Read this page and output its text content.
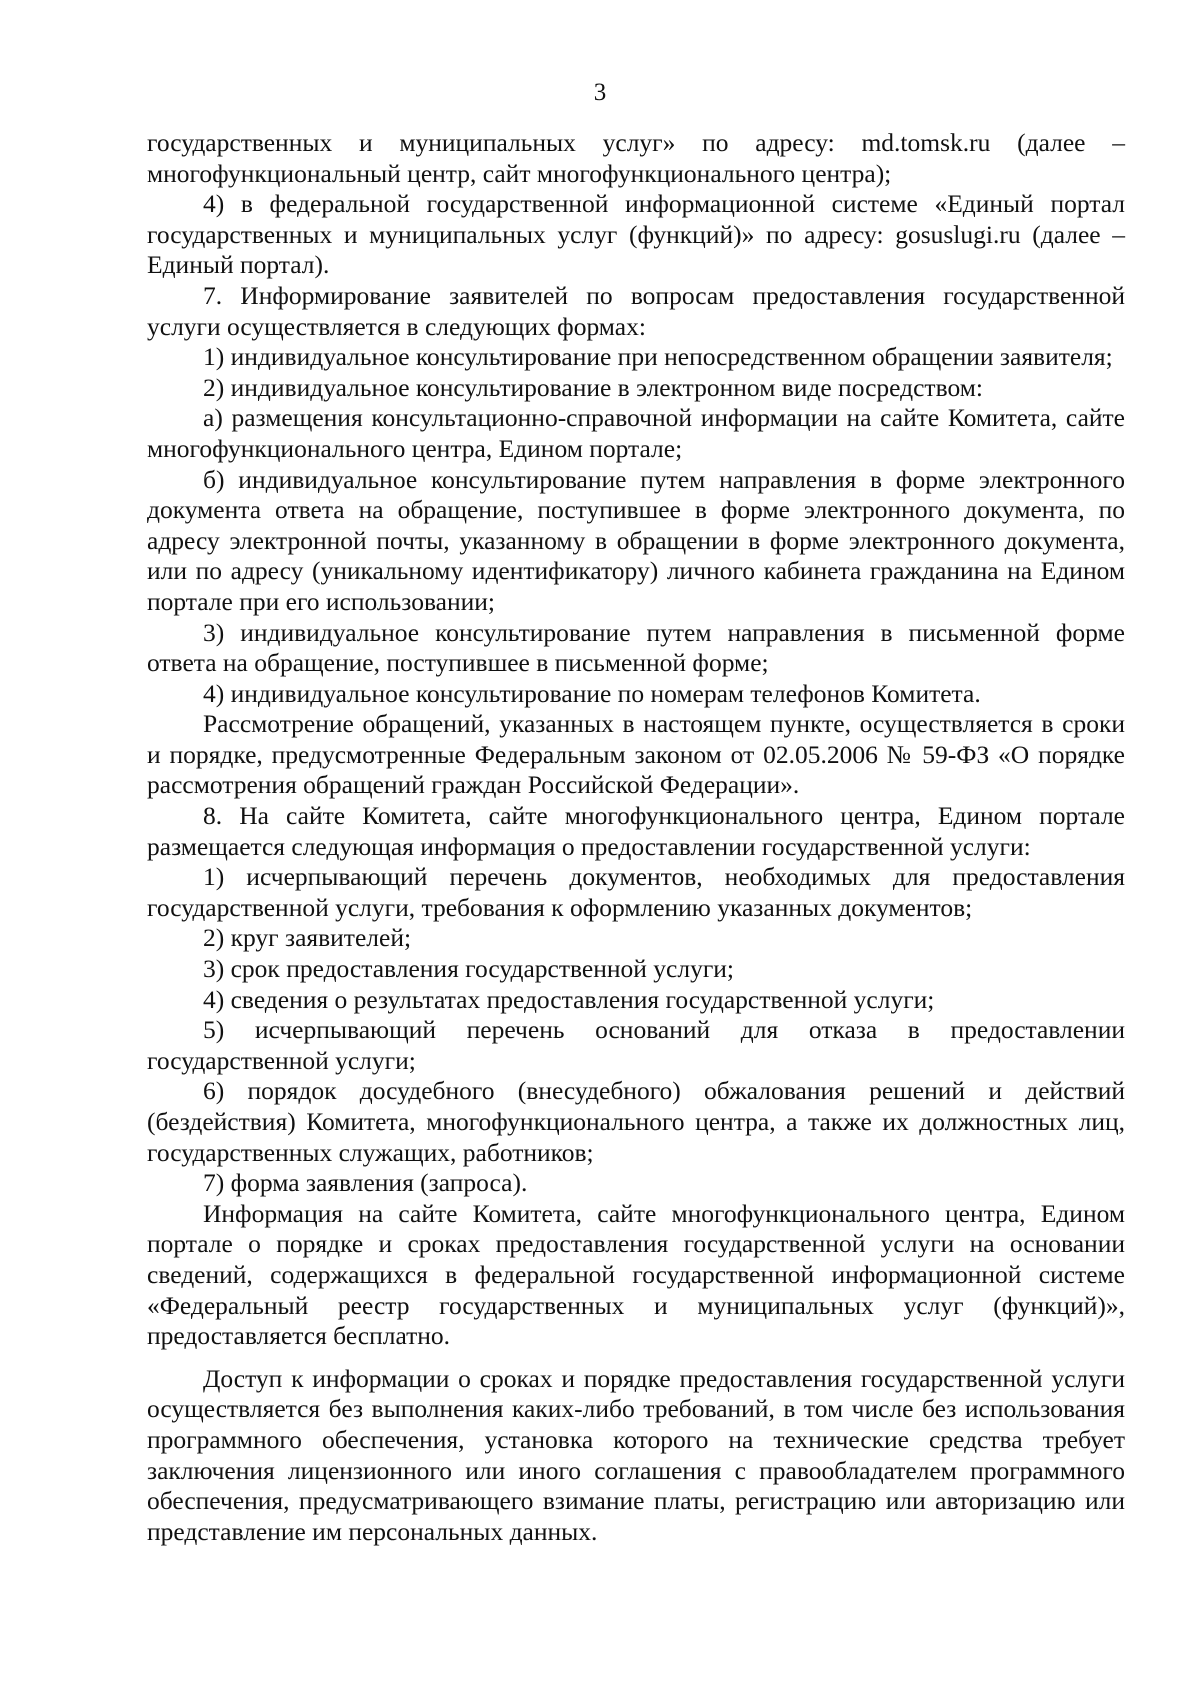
3

государственных и муниципальных услуг» по адресу: md.tomsk.ru (далее – многофункциональный центр, сайт многофункционального центра);

4) в федеральной государственной информационной системе «Единый портал государственных и муниципальных услуг (функций)» по адресу: gosuslugi.ru (далее – Единый портал).

7. Информирование заявителей по вопросам предоставления государственной услуги осуществляется в следующих формах:

1) индивидуальное консультирование при непосредственном обращении заявителя;

2) индивидуальное консультирование в электронном виде посредством:

а) размещения консультационно-справочной информации на сайте Комитета, сайте многофункционального центра, Едином портале;

б) индивидуальное консультирование путем направления в форме электронного документа ответа на обращение, поступившее в форме электронного документа, по адресу электронной почты, указанному в обращении в форме электронного документа, или по адресу (уникальному идентификатору) личного кабинета гражданина на Едином портале при его использовании;

3) индивидуальное консультирование путем направления в письменной форме ответа на обращение, поступившее в письменной форме;

4) индивидуальное консультирование по номерам телефонов Комитета.

Рассмотрение обращений, указанных в настоящем пункте, осуществляется в сроки и порядке, предусмотренные Федеральным законом от 02.05.2006 № 59-ФЗ «О порядке рассмотрения обращений граждан Российской Федерации».

8. На сайте Комитета, сайте многофункционального центра, Едином портале размещается следующая информация о предоставлении государственной услуги:

1) исчерпывающий перечень документов, необходимых для предоставления государственной услуги, требования к оформлению указанных документов;

2) круг заявителей;

3) срок предоставления государственной услуги;

4) сведения о результатах предоставления государственной услуги;

5) исчерпывающий перечень оснований для отказа в предоставлении государственной услуги;

6) порядок досудебного (внесудебного) обжалования решений и действий (бездействия) Комитета, многофункционального центра, а также их должностных лиц, государственных служащих, работников;

7) форма заявления (запроса).

Информация на сайте Комитета, сайте многофункционального центра, Едином портале о порядке и сроках предоставления государственной услуги на основании сведений, содержащихся в федеральной государственной информационной системе «Федеральный реестр государственных и муниципальных услуг (функций)», предоставляется бесплатно.

Доступ к информации о сроках и порядке предоставления государственной услуги осуществляется без выполнения каких-либо требований, в том числе без использования программного обеспечения, установка которого на технические средства требует заключения лицензионного или иного соглашения с правообладателем программного обеспечения, предусматривающего взимание платы, регистрацию или авторизацию или представление им персональных данных.
